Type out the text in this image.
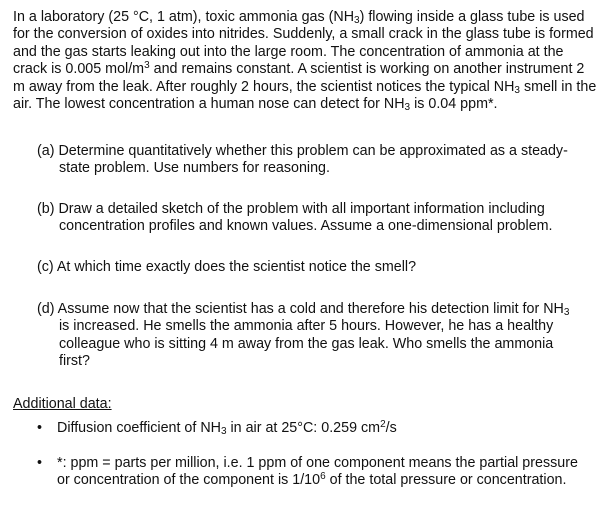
In a laboratory (25 °C, 1 atm), toxic ammonia gas $(NH_3)$ flowing inside a glass tube is used for the conversion of oxides into nitrides. Suddenly, a small crack in the glass tube is formed and the gas starts leaking out into the large room. The concentration of ammonia at the crack is 0.005 mol/$m^3$ and remains constant. A scientist is working on another instrument 2 m away from the leak. After roughly 2 hours, the scientist notices the typical $NH_3$ smell in the air. The lowest concentration a human nose can detect for $NH_3$ is 0.04 ppm*.
(a) Determine quantitatively whether this problem can be approximated as a steady-state problem. Use numbers for reasoning.
(b) Draw a detailed sketch of the problem with all important information including concentration profiles and known values. Assume a one-dimensional problem.
(c) At which time exactly does the scientist notice the smell?
(d) Assume now that the scientist has a cold and therefore his detection limit for $NH_3$ is increased. He smells the ammonia after 5 hours. However, he has a healthy colleague who is sitting 4 m away from the gas leak. Who smells the ammonia first?
Additional data:
•	Diffusion coefficient of $NH_3$ in air at 25°C: 0.259 $cm^2/s$
•	*: ppm = parts per million, i.e. 1 ppm of one component means the partial pressure or concentration of the component is $1/10^6$ of the total pressure or concentration.
